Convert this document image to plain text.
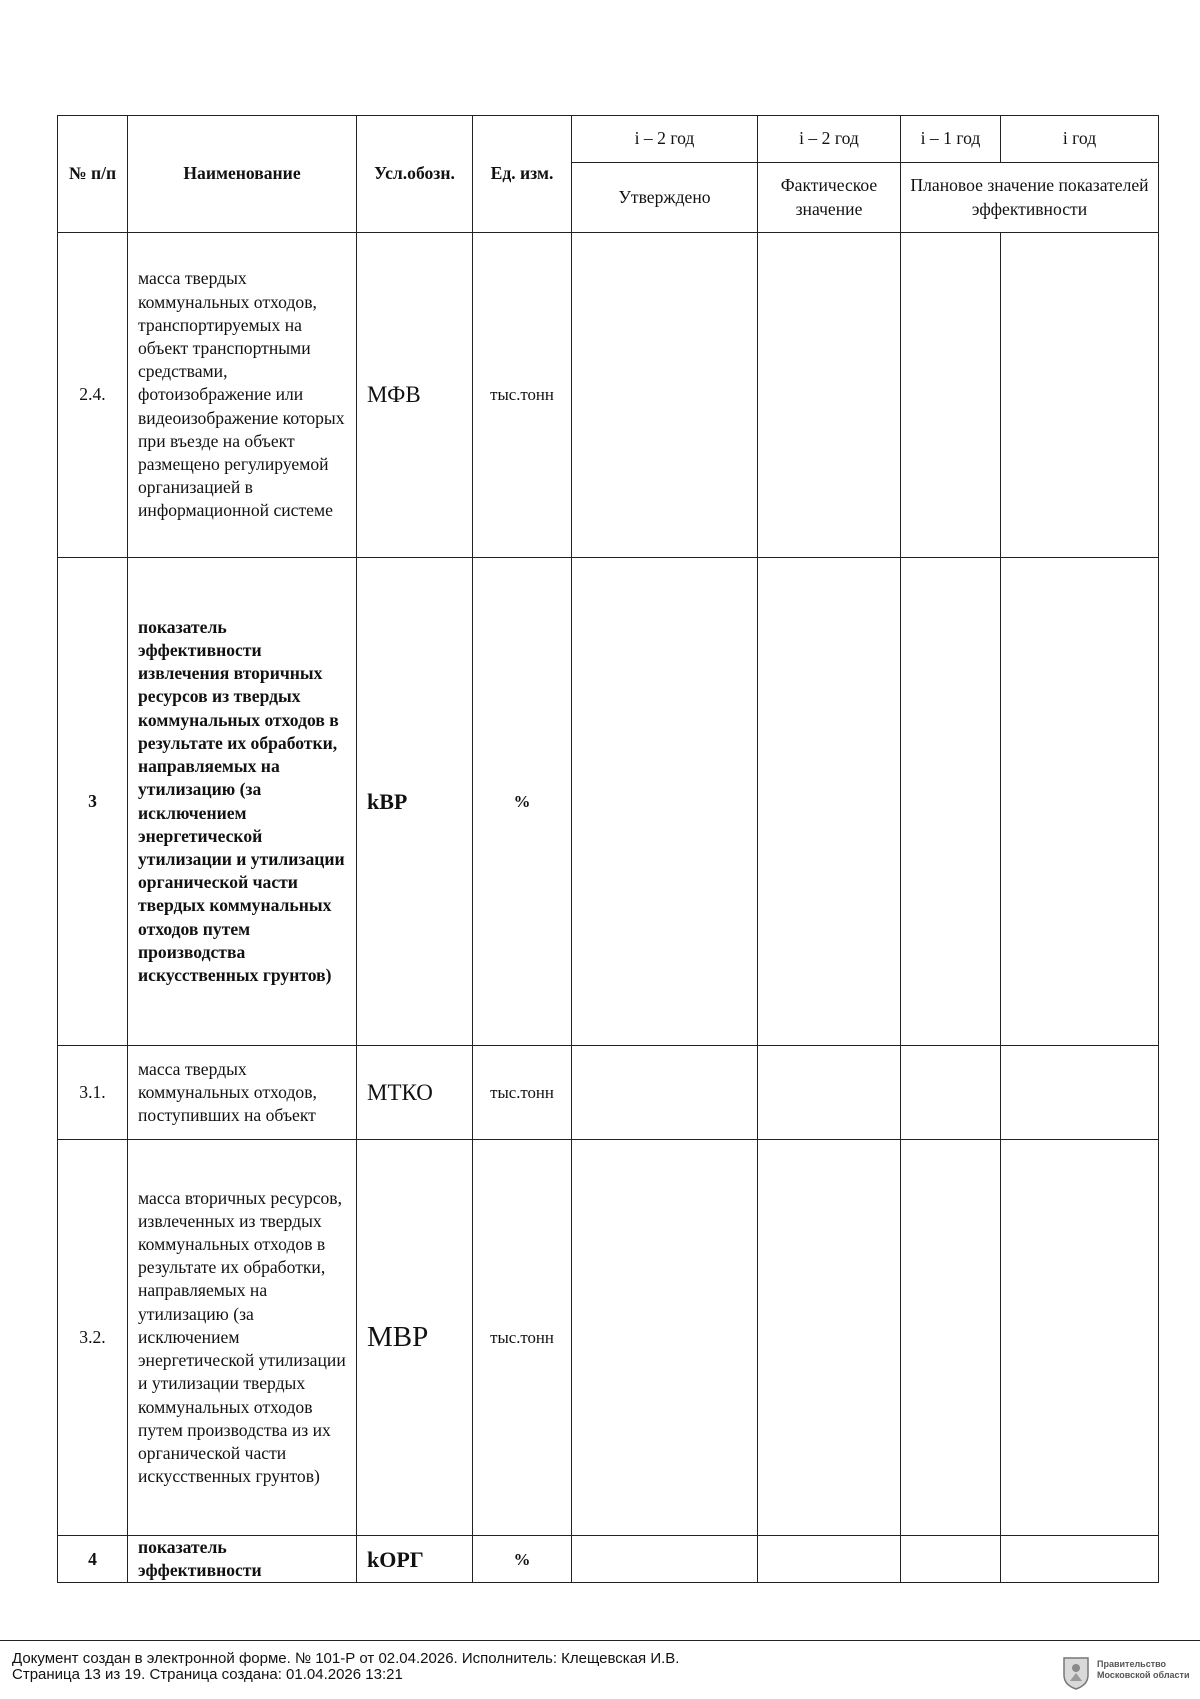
№ п/п	Наименование	Усл.обозн.	Ед. изм.	i – 2 год	i – 2 год	i – 1 год	i год
				Утверждено	Фактическое значение	Плановое значение показателей эффективности	
2.4.	масса твердых коммунальных отходов, транспортируемых на объект транспортными средствами, фотоизображение или видеоизображение которых при въезде на объект размещено регулируемой организацией в информационной системе	МФВ	тыс.тонн				
3	показатель эффективности извлечения вторичных ресурсов из твердых коммунальных отходов в результате их обработки, направляемых на утилизацию (за исключением энергетической утилизации и утилизации органической части твердых коммунальных отходов путем производства искусственных грунтов)	kВР	%				
3.1.	масса твердых коммунальных отходов, поступивших на объект	МТКО	тыс.тонн				
3.2.	масса вторичных ресурсов, извлеченных из твердых коммунальных отходов в результате их обработки, направляемых на утилизацию (за исключением энергетической утилизации и утилизации твердых коммунальных отходов путем производства из их органической части искусственных грунтов)	МВР	тыс.тонн				
4	показатель эффективности	kОРГ	%				
Документ создан в электронной форме. № 101-Р от 02.04.2026. Исполнитель: Клещевская И.В.
Страница 13 из 19. Страница создана: 01.04.2026 13:21
Правительство
Московской области
